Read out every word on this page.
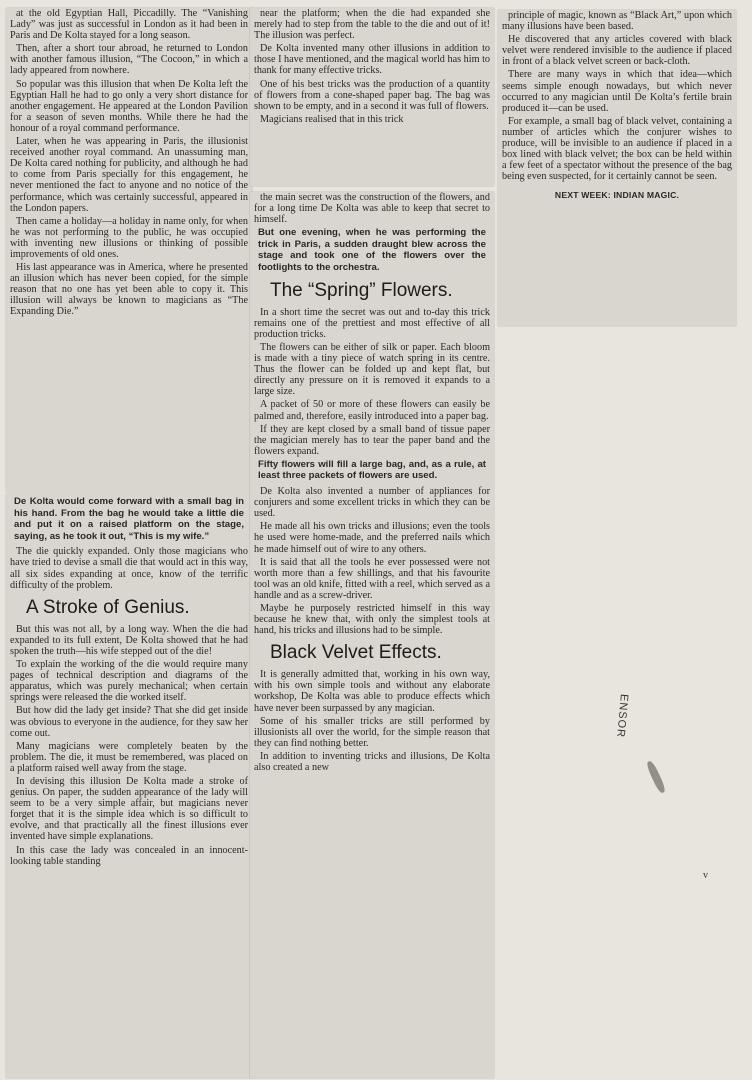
at the old Egyptian Hall, Piccadilly. The “Vanishing Lady” was just as successful in London as it had been in Paris and De Kolta stayed for a long season.

Then, after a short tour abroad, he returned to London with another famous illusion, “The Cocoon,” in which a lady appeared from nowhere.

So popular was this illusion that when De Kolta left the Egyptian Hall he had to go only a very short distance for another engagement. He appeared at the London Pavilion for a season of seven months. While there he had the honour of a royal command performance.

Later, when he was appearing in Paris, the illusionist received another royal command. An unassuming man, De Kolta cared nothing for publicity, and although he had to come from Paris specially for this engagement, he never mentioned the fact to anyone and no notice of the performance, which was certainly successful, appeared in the London papers.

Then came a holiday—a holiday in name only, for when he was not performing to the public, he was occupied with inventing new illusions or thinking of possible improvements of old ones.

His last appearance was in America, where he presented an illusion which has never been copied, for the simple reason that no one has yet been able to copy it. This illusion will always be known to magicians as “The Expanding Die.”

De Kolta would come forward with a small bag in his hand. From the bag he would take a little die and put it on a raised platform on the stage, saying, as he took it out, “This is my wife.”

The die quickly expanded. Only those magicians who have tried to devise a small die that would act in this way, all six sides expanding at once, know of the terrific difficulty of the problem.

A Stroke of Genius.

But this was not all, by a long way. When the die had expanded to its full extent, De Kolta showed that he had spoken the truth—his wife stepped out of the die!

To explain the working of the die would require many pages of technical description and diagrams of the apparatus, which was purely mechanical; when certain springs were released the die worked itself.

But how did the lady get inside? That she did get inside was obvious to everyone in the audience, for they saw her come out.

Many magicians were completely beaten by the problem. The die, it must be remembered, was placed on a platform raised well away from the stage.

In devising this illusion De Kolta made a stroke of genius. On paper, the sudden appearance of the lady will seem to be a very simple affair, but magicians never forget that it is the simple idea which is so difficult to evolve, and that practically all the finest illusions ever invented have simple explanations.

In this case the lady was concealed in an innocent-looking table standing

near the platform; when the die had expanded she merely had to step from the table to the die and out of it! The illusion was perfect.

De Kolta invented many other illusions in addition to those I have mentioned, and the magical world has him to thank for many effective tricks.

One of his best tricks was the production of a quantity of flowers from a cone-shaped paper bag. The bag was shown to be empty, and in a second it was full of flowers.

Magicians realised that in this trick

the main secret was the construction of the flowers, and for a long time De Kolta was able to keep that secret to himself.

But one evening, when he was performing the trick in Paris, a sudden draught blew across the stage and took one of the flowers over the footlights to the orchestra.

The “Spring” Flowers.

In a short time the secret was out and to-day this trick remains one of the prettiest and most effective of all production tricks.

The flowers can be either of silk or paper. Each bloom is made with a tiny piece of watch spring in its centre. Thus the flower can be folded up and kept flat, but directly any pressure on it is removed it expands to a large size.

A packet of 50 or more of these flowers can easily be palmed and, therefore, easily introduced into a paper bag.

If they are kept closed by a small band of tissue paper the magician merely has to tear the paper band and the flowers expand.

Fifty flowers will fill a large bag, and, as a rule, at least three packets of flowers are used.

De Kolta also invented a number of appliances for conjurers and some excellent tricks in which they can be used.

He made all his own tricks and illusions; even the tools he used were home-made, and the preferred nails which he made himself out of wire to any others.

It is said that all the tools he ever possessed were not worth more than a few shillings, and that his favourite tool was an old knife, fitted with a reel, which served as a handle and as a screw-driver.

Maybe he purposely restricted himself in this way because he knew that, with only the simplest tools at hand, his tricks and illusions had to be simple.

Black Velvet Effects.

It is generally admitted that, working in his own way, with his own simple tools and without any elaborate workshop, De Kolta was able to produce effects which have never been surpassed by any magician.

Some of his smaller tricks are still performed by illusionists all over the world, for the simple reason that they can find nothing better.

In addition to inventing tricks and illusions, De Kolta also created a new

principle of magic, known as “Black Art,” upon which many illusions have been based.

He discovered that any articles covered with black velvet were rendered invisible to the audience if placed in front of a black velvet screen or back-cloth.

There are many ways in which that idea—which seems simple enough nowadays, but which never occurred to any magician until De Kolta’s fertile brain produced it—can be used.

For example, a small bag of black velvet, containing a number of articles which the conjurer wishes to produce, will be invisible to an audience if placed in a box lined with black velvet; the box can be held within a few feet of a spectator without the presence of the bag being even suspected, for it certainly cannot be seen.

NEXT WEEK: INDIAN MAGIC.
ENSOR
v
